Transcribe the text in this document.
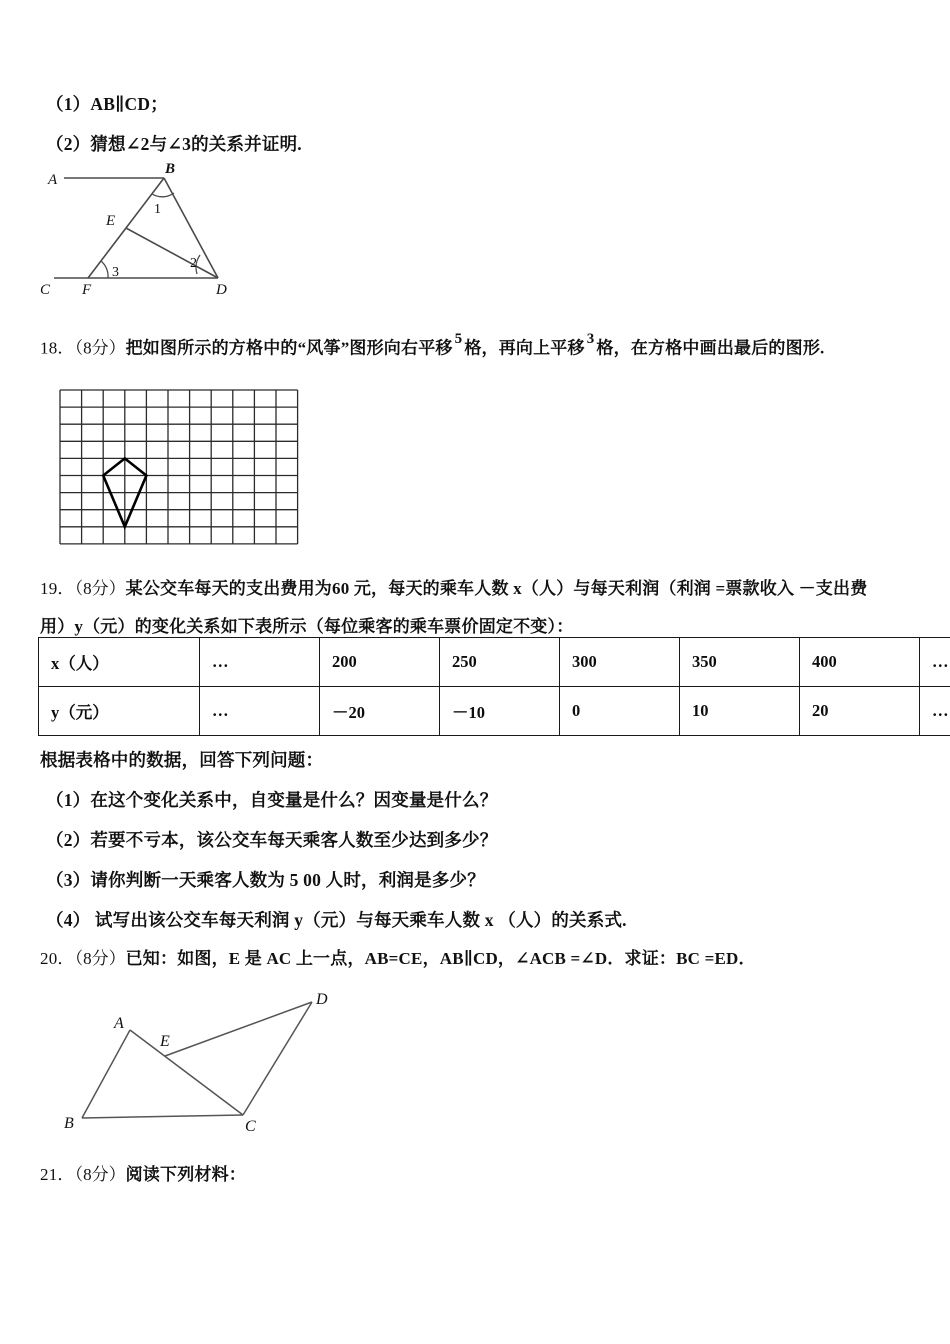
（1）AB∥CD；
（2）猜想∠2与∠3的关系并证明.
A
B
C	D
E
F
1
2
3
18．（8分）把如图所示的方格中的“风筝”图形向右平移 5 格，再向上平移 3 格，在方格中画出最后的图形.
19．（8分）某公交车每天的支出费用为60 元，每天的乘车人数 x（人）与每天利润（利润 =票款收入 －支出费
用）y（元）的变化关系如下表所示（每位乘客的乘车票价固定不变）：
x（人）	…	200	250	300	350	400	…
y（元）	…	－20	－10	0	10	20	…
根据表格中的数据，回答下列问题：
（1）在这个变化关系中，自变量是什么？因变量是什么？
（2）若要不亏本，该公交车每天乘客人数至少达到多少？
（3）请你判断一天乘客人数为 5 00 人时，利润是多少？
（4） 试写出该公交车每天利润 y（元）与每天乘车人数 x （人）的关系式.
20．（8分）已知：如图，E 是 AC 上一点，AB=CE，AB∥CD，∠ACB =∠D．求证：BC =ED．
A
B	C
D
E
21．（8分）阅读下列材料：
